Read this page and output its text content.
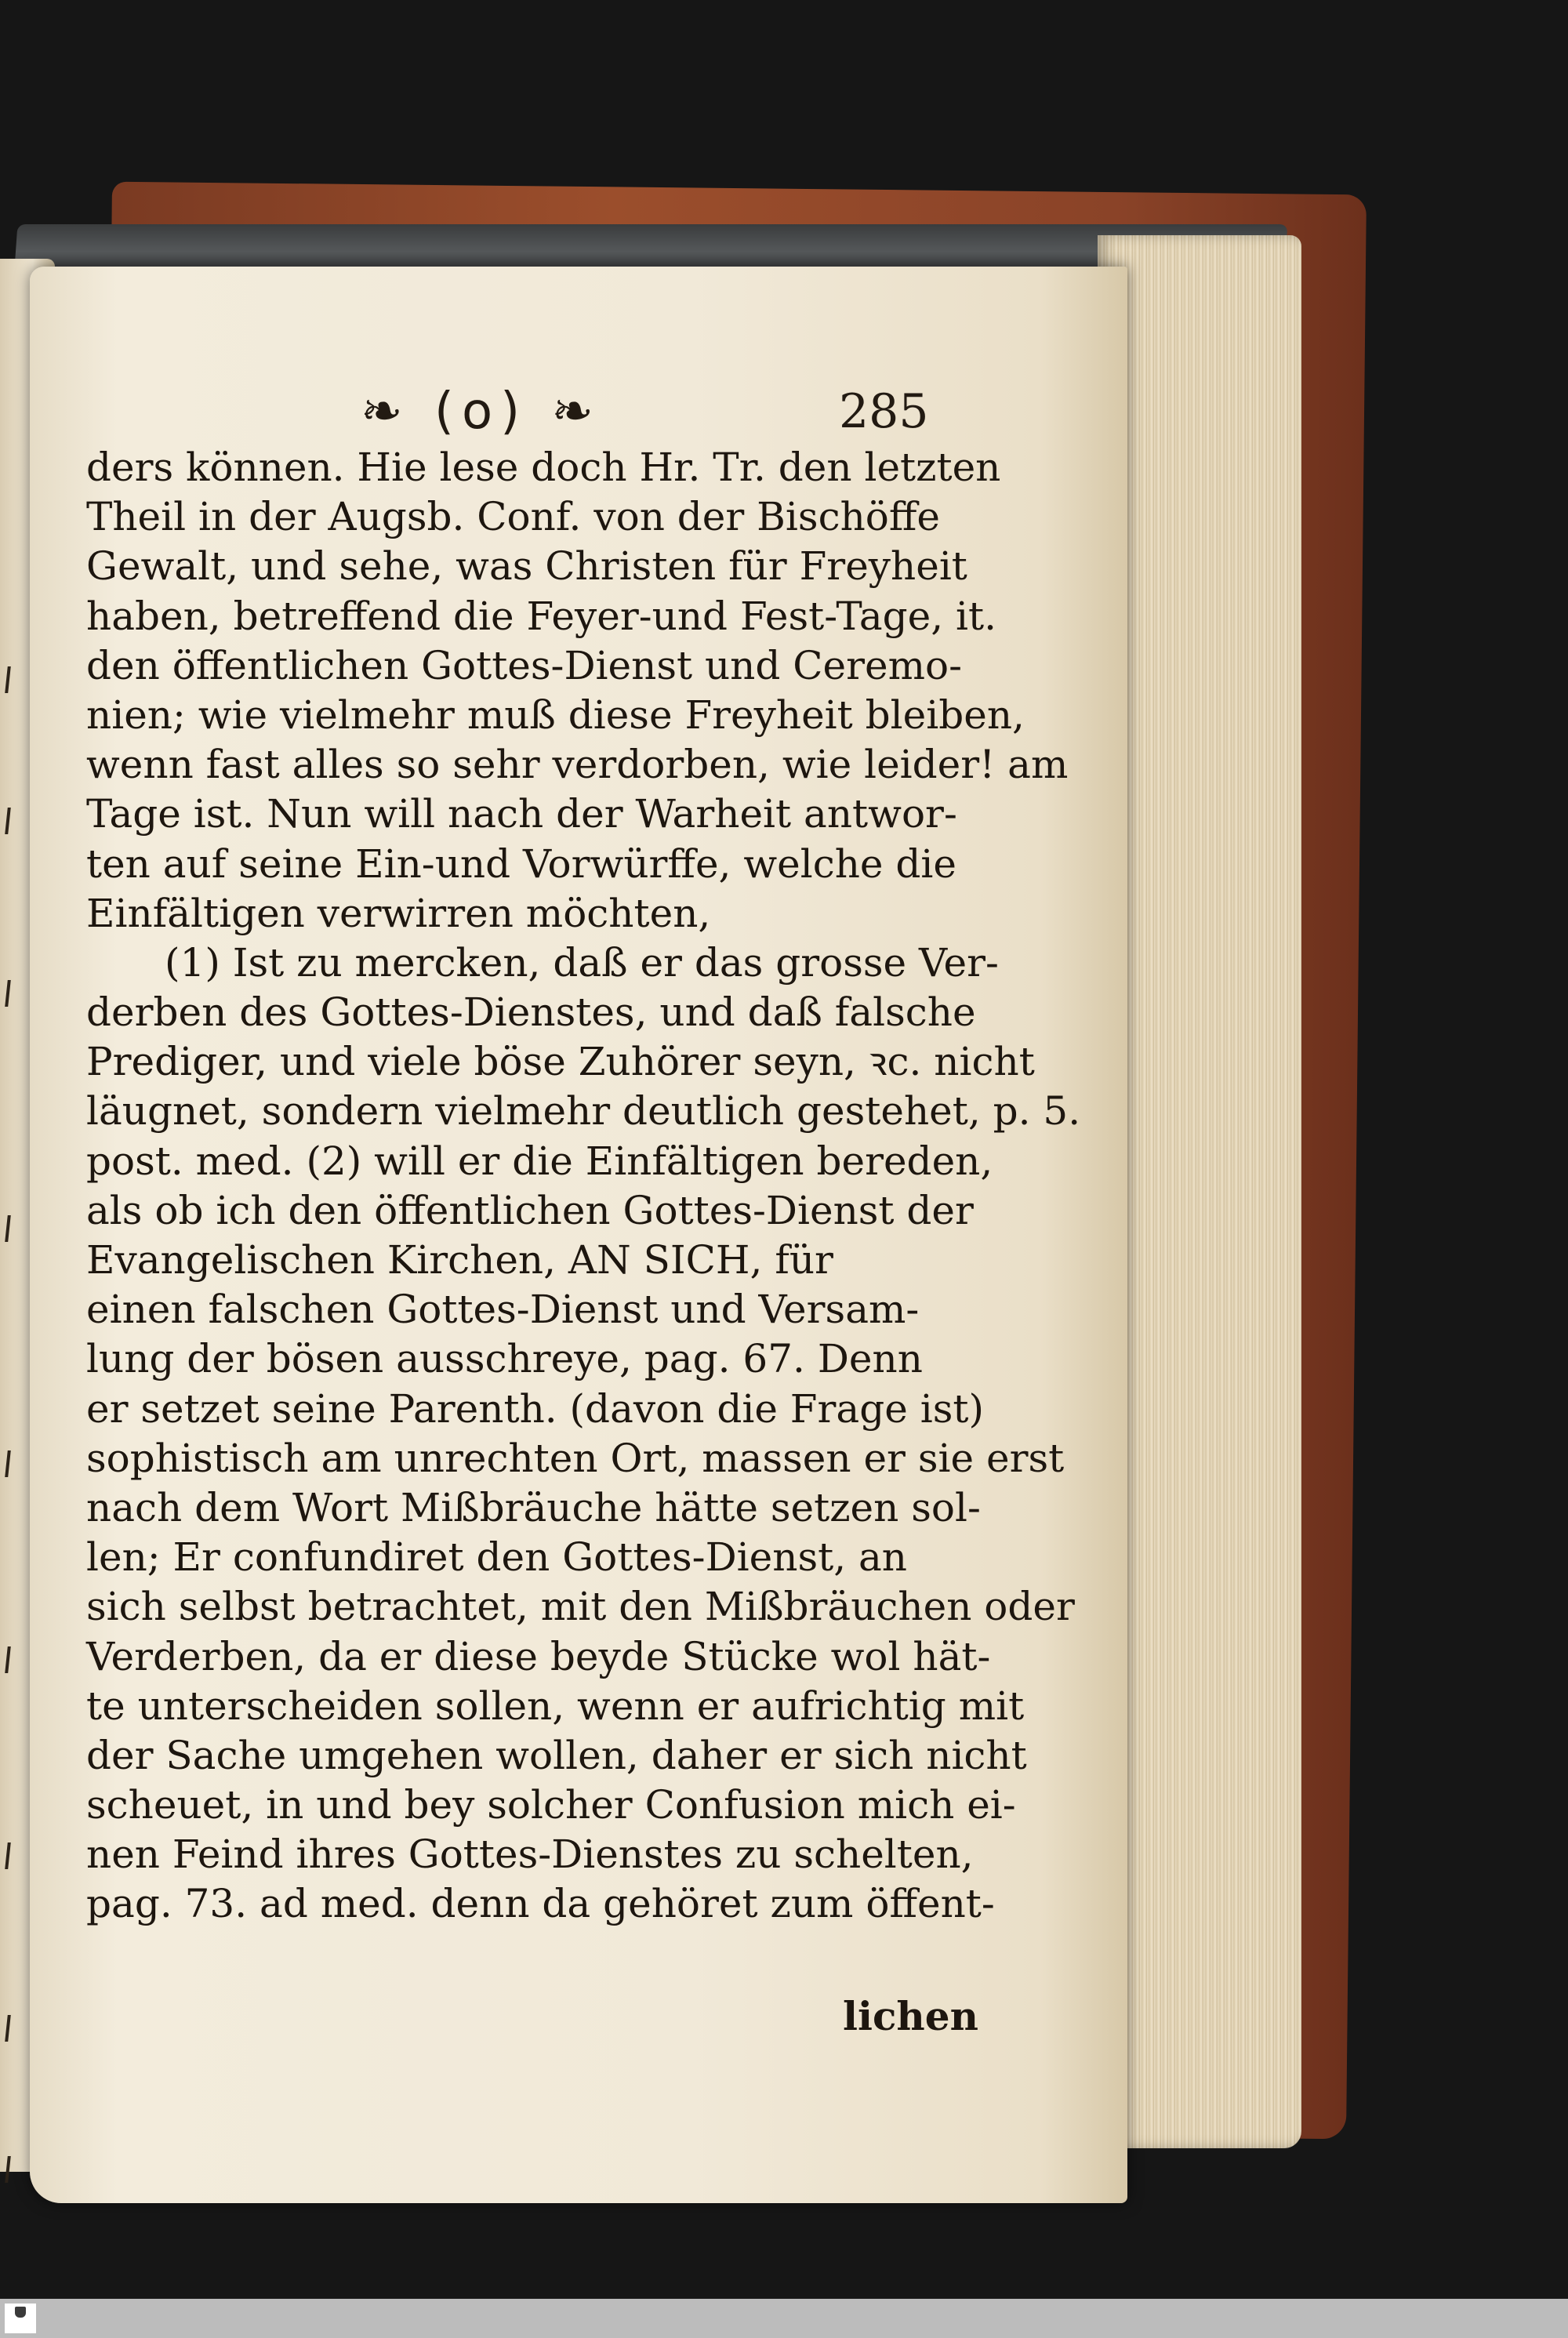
❧ (o) ❧	285
ders können. Hie lese doch Hr. Tr. den letzten
Theil in der Augsb. Conf. von der Bischöffe
Gewalt, und sehe, was Christen für Freyheit
haben, betreffend die Feyer-und Fest-Tage, it.
den öffentlichen Gottes-Dienst und Ceremo-
nien; wie vielmehr muß diese Freyheit bleiben,
wenn fast alles so sehr verdorben, wie leider! am
Tage ist. Nun will nach der Warheit antwor-
ten auf seine Ein-und Vorwürffe, welche die
Einfältigen verwirren möchten,
(1) Ist zu mercken, daß er das grosse Ver-
derben des Gottes-Dienstes, und daß falsche
Prediger, und viele böse Zuhörer seyn, ꝛc. nicht
läugnet, sondern vielmehr deutlich gestehet, p. 5.
post. med. (2) will er die Einfältigen bereden,
als ob ich den öffentlichen Gottes-Dienst der
Evangelischen Kirchen, AN SICH, für
einen falschen Gottes-Dienst und Versam-
lung der bösen ausschreye, pag. 67. Denn
er setzet seine Parenth. (davon die Frage ist)
sophistisch am unrechten Ort, massen er sie erst
nach dem Wort Mißbräuche hätte setzen sol-
len; Er confundiret den Gottes-Dienst, an
sich selbst betrachtet, mit den Mißbräuchen oder
Verderben, da er diese beyde Stücke wol hät-
te unterscheiden sollen, wenn er aufrichtig mit
der Sache umgehen wollen, daher er sich nicht
scheuet, in und bey solcher Confusion mich ei-
nen Feind ihres Gottes-Dienstes zu schelten,
pag. 73. ad med. denn da gehöret zum öffent-
lichen
